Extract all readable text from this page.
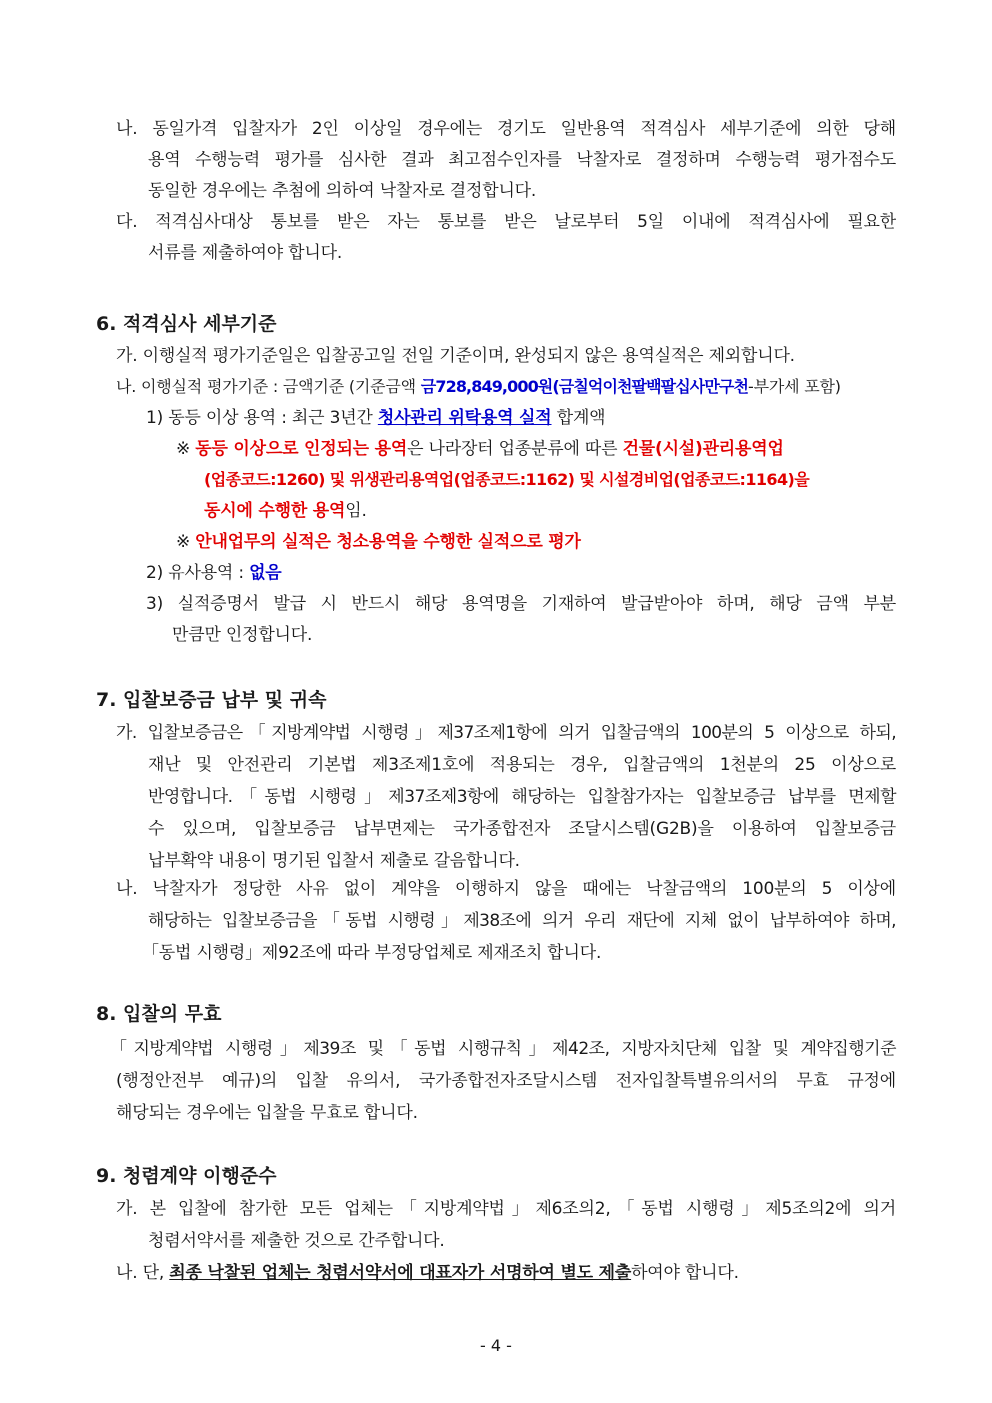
나. 동일가격 입찰자가 2인 이상일 경우에는 경기도 일반용역 적격심사 세부기준에 의한 당해
용역 수행능력 평가를 심사한 결과 최고점수인자를 낙찰자로 결정하며 수행능력 평가점수도
동일한 경우에는 추첨에 의하여 낙찰자로 결정합니다.
다. 적격심사대상 통보를 받은 자는 통보를 받은 날로부터 5일 이내에 적격심사에 필요한
서류를 제출하여야 합니다.
6. 적격심사 세부기준
가. 이행실적 평가기준일은 입찰공고일 전일 기준이며, 완성되지 않은 용역실적은 제외합니다.
나. 이행실적 평가기준 : 금액기준 (기준금액 금728,849,000원(금칠억이천팔백팔십사만구천-부가세 포함)
1) 동등 이상 용역 : 최근 3년간 청사관리 위탁용역 실적 합계액
※ 동등 이상으로 인정되는 용역은 나라장터 업종분류에 따른 건물(시설)관리용역업
(업종코드:1260) 및 위생관리용역업(업종코드:1162) 및 시설경비업(업종코드:1164)을
동시에 수행한 용역임.
※ 안내업무의 실적은 청소용역을 수행한 실적으로 평가
2) 유사용역 : 없음
3) 실적증명서 발급 시 반드시 해당 용역명을 기재하여 발급받아야 하며, 해당 금액 부분
만큼만 인정합니다.
7. 입찰보증금 납부 및 귀속
가. 입찰보증금은「지방계약법 시행령」제37조제1항에 의거 입찰금액의 100분의 5 이상으로 하되,
재난 및 안전관리 기본법 제3조제1호에 적용되는 경우, 입찰금액의 1천분의 25 이상으로
반영합니다.「동법 시행령」제37조제3항에 해당하는 입찰참가자는 입찰보증금 납부를 면제할
수 있으며, 입찰보증금 납부면제는 국가종합전자 조달시스템(G2B)을 이용하여 입찰보증금
납부확약 내용이 명기된 입찰서 제출로 갈음합니다.
나. 낙찰자가 정당한 사유 없이 계약을 이행하지 않을 때에는 낙찰금액의 100분의 5 이상에
해당하는 입찰보증금을「동법 시행령」제38조에 의거 우리 재단에 지체 없이 납부하여야 하며,
「동법 시행령」제92조에 따라 부정당업체로 제재조치 합니다.
8. 입찰의 무효
「지방계약법 시행령」제39조 및「동법 시행규칙」제42조, 지방자치단체 입찰 및 계약집행기준
(행정안전부 예규)의 입찰 유의서, 국가종합전자조달시스템 전자입찰특별유의서의 무효 규정에
해당되는 경우에는 입찰을 무효로 합니다.
9. 청렴계약 이행준수
가. 본 입찰에 참가한 모든 업체는「지방계약법」제6조의2,「동법 시행령」제5조의2에 의거
청렴서약서를 제출한 것으로 간주합니다.
나. 단, 최종 낙찰된 업체는 청렴서약서에 대표자가 서명하여 별도 제출하여야 합니다.
- 4 -
